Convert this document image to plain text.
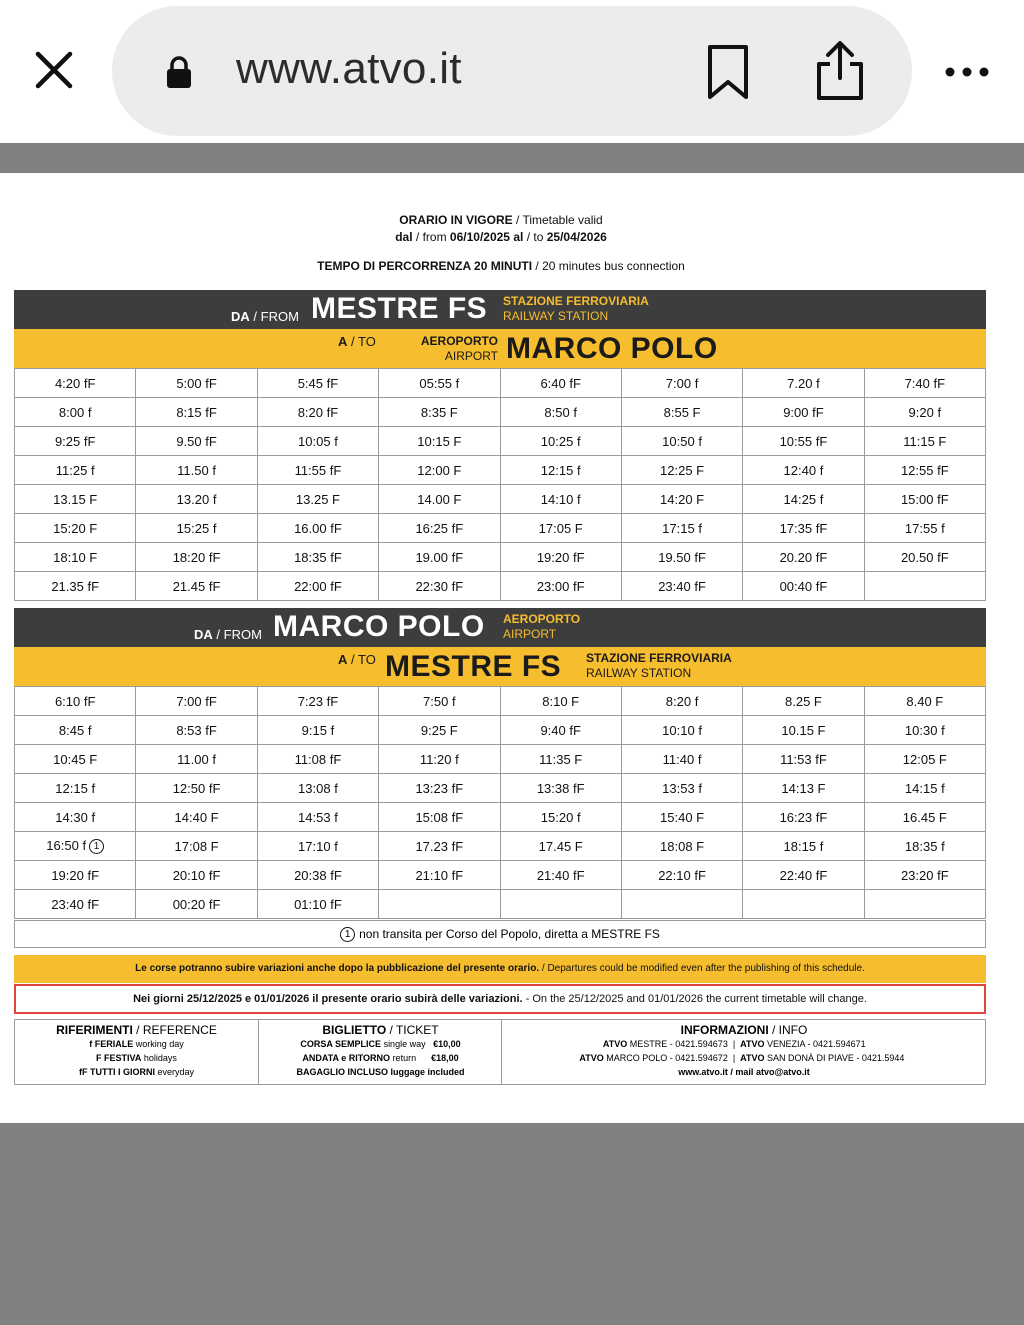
www.atvo.it
ORARIO IN VIGORE / Timetable valid
dal / from 06/10/2025 al / to 25/04/2026
TEMPO DI PERCORRENZA 20 MINUTI / 20 minutes bus connection
DA / FROM MESTRE FS STAZIONE FERROVIARIA
RAILWAY STATION
A / TO	AEROPORTO
AIRPORT MARCO POLO
4:20 fF	5:00 fF	5:45 fF	05:55 f	6:40 fF	7:00 f	7.20 f	7:40 fF
8:00 f	8:15 fF	8:20 fF	8:35 F	8:50 f	8:55 F	9:00 fF	9:20 f
9:25 fF	9.50 fF	10:05 f	10:15 F	10:25 f	10:50 f	10:55 fF	11:15 F
11:25 f	11.50 f	11:55 fF	12:00 F	12:15 f	12:25 F	12:40 f	12:55 fF
13.15 F	13.20 f	13.25 F	14.00 F	14:10 f	14:20 F	14:25 f	15:00 fF
15:20 F	15:25 f	16.00 fF	16:25 fF	17:05 F	17:15 f	17:35 fF	17:55 f
18:10 F	18:20 fF	18:35 fF	19.00 fF	19:20 fF	19.50 fF	20.20 fF	20.50 fF
21.35 fF	21.45 fF	22:00 fF	22:30 fF	23:00 fF	23:40 fF	00:40 fF	
DA / FROM MARCO POLO AEROPORTO
AIRPORT
A / TO MESTRE FS STAZIONE FERROVIARIA
RAILWAY STATION
6:10 fF	7:00 fF	7:23 fF	7:50 f	8:10 F	8:20 f	8.25 F	8.40 F
8:45 f	8:53 fF	9:15 f	9:25 F	9:40 fF	10:10 f	10.15 F	10:30 f
10:45 F	11.00 f	11:08 fF	11:20 f	11:35 F	11:40 f	11:53 fF	12:05 F
12:15 f	12:50 fF	13:08 f	13:23 fF	13:38 fF	13:53 f	14:13 F	14:15 f
14:30 f	14:40 F	14:53 f	15:08 fF	15:20 f	15:40 F	16:23 fF	16.45 F
16:50 f 1	17:08 F	17:10 f	17.23 fF	17.45 F	18:08 F	18:15 f	18:35 f
19:20 fF	20:10 fF	20:38 fF	21:10 fF	21:40 fF	22:10 fF	22:40 fF	23:20 fF
23:40 fF	00:20 fF	01:10 fF					
1 non transita per Corso del Popolo, diretta a MESTRE FS
Le corse potranno subire variazioni anche dopo la pubblicazione del presente orario. / Departures could be modified even after the publishing of this schedule.
Nei giorni 25/12/2025 e 01/01/2026 il presente orario subirà delle variazioni. - On the 25/12/2025 and 01/01/2026 the current timetable will change.
RIFERIMENTI / REFERENCE
f FERIALE working day
F FESTIVA holidays
fF TUTTI I GIORNI everyday
BIGLIETTO / TICKET
CORSA SEMPLICE single way €10,00
ANDATA e RITORNO return €18,00
BAGAGLIO INCLUSO luggage included
INFORMAZIONI / INFO
ATVO MESTRE - 0421.594673  |  ATVO VENEZIA - 0421.594671
ATVO MARCO POLO - 0421.594672  |  ATVO SAN DONÀ DI PIAVE - 0421.5944
www.atvo.it / mail atvo@atvo.it
